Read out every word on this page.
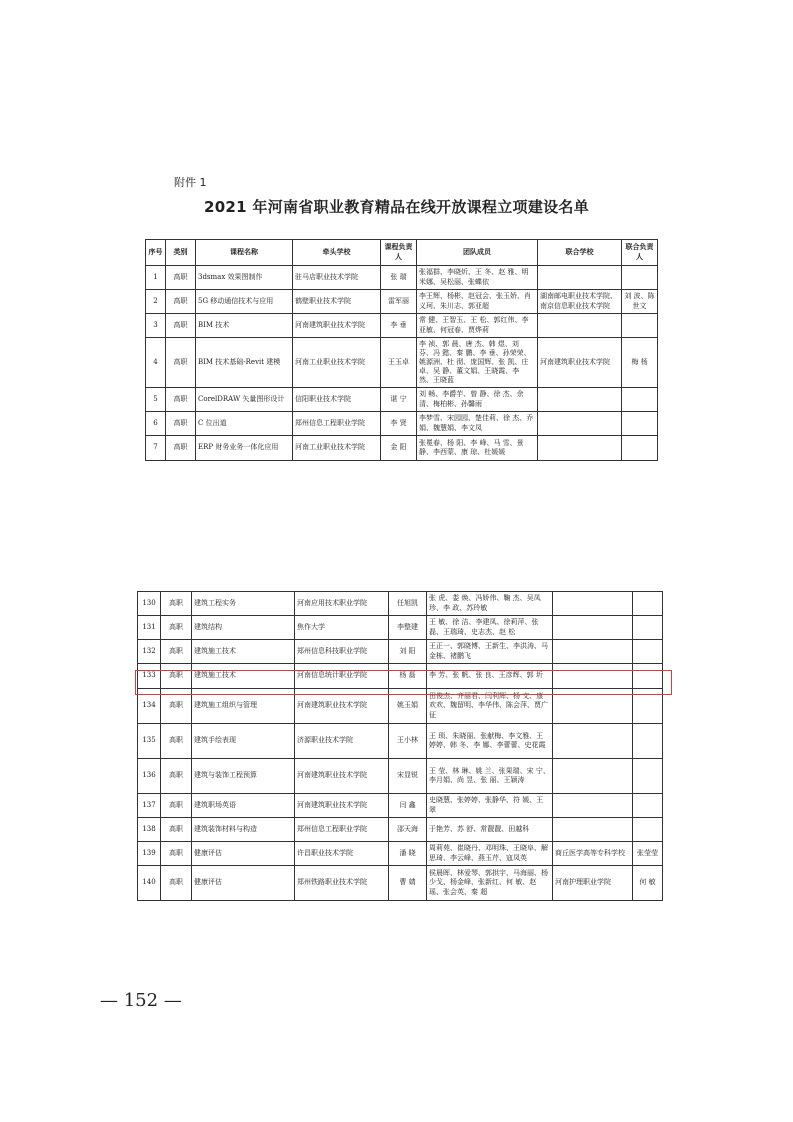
附件 1
2021 年河南省职业教育精品在线开放课程立项建设名单
序号	类别	课程名称	牵头学校	课程负责人	团队成员	联合学校	联合负责人
1	高职	3dsmax 效果图制作	驻马店职业技术学院	张 瑞	张福群、李晓炘、王 冬、赵 雅、明米娜、吴松丽、张蝶依		
2	高职	5G 移动通信技术与应用	鹤壁职业技术学院	雷军丽	李王辉、杨彬、赵冠会、张玉娇、肖义珂、朱川志、郭亚超	湖南邮电职业技术学院、南京信息职业技术学院	刘 波、陈世文
3	高职	BIM 技术	河南建筑职业技术学院	李 垂	常 健、王智玉、王 松、郭红伟、李亚敏、何冠春、贾烨莉		
4	高职	BIM 技术基础-Revit 建模	河南工业职业技术学院	王玉卓	李 祯、郭 晨、唐 杰、韩 煜、刘 芬、冯 懿、秦 鹏、李 垂、孙荣荣、姚源洲、杜 彻、庞国辉、张 凯、庄 卓、吴 静、董文娟、王晓霞、李 然、王晓蓝	河南建筑职业技术学院	梅 杨
5	高职	CorelDRAW 矢量图形设计	信阳职业技术学院	谌 宁	刘 畅、李爵芋、曾 静、徐 杰、余 清、梅柏彬、孙馨雨		
6	高职	C 位出道	郑州信息工程职业学院	李 贤	李梦雪、宋园园、楚佳莉、徐 杰、乔 娟、魏慧娟、李文凤		
7	高职	ERP 财务业务一体化应用	河南工业职业技术学院	金 阳	张冕春、杨 阳、李 峰、马 雪、景 静、李西蒙、康 琼、杜媛媛		
130	高职	建筑工程实务	河南应用技术职业学院	任旭凯	张 虎、娄 焕、冯娇伟、鞠 杰、吴凤珍、李 政、苏玲敏		
131	高职	建筑结构	焦作大学	李整建	王 敏、徐 洁、李建凤、徐莉萍、张 磊、王瑞琦、史志杰、赵 松		
132	高职	建筑施工技术	郑州信息科技职业学院	刘 阳	王正一、郭晓博、王新生、李洪涛、马金栋、褚鹏飞		
133	高职	建筑施工技术	河南信息统计职业学院	杨 磊	李 芳、张 帆、张 良、王彦辉、郭 圻		
134	高职	建筑施工组织与管理	河南建筑职业技术学院	姚玉娟	田俊杰、齐丽君、闫利辉、杨 文、康欢欢、魏留明、李华伟、陈会萍、贾广征		
135	高职	建筑手绘表现	济源职业技术学院	王小林	王 琐、朱晓丽、张献梅、李文雅、王婷婷、韩 冬、李 娜、李蕾蕾、史花霞		
136	高职	建筑与装饰工程预算	河南建筑职业技术学院	宋显锐	王 莹、林 琳、姚 兰、张果瑞、宋 宁、李月娟、尚 昱、张 丽、王颖涛		
137	高职	建筑职场英语	河南建筑职业技术学院	闫 鑫	史晓慧、张婷婷、张静华、符 媛、王 翠		
138	高职	建筑装饰材料与构造	郑州信息工程职业学院	邵天海	于艳芳、苏 舒、常靓靓、田越科		
139	高职	健康评估	许昌职业技术学院	潘 晓	周莉苑、崔晓丹、邓明珠、王晓阜、解思琦、李云峰、燕玉芹、寇凤英	商丘医学高等专科学校	张莹莹
140	高职	健康评估	郑州铁路职业技术学院	曹 婧	侯晨晖、林爱琴、郭拱宇、马海丽、杨少戈、杨金峰、张新红、何 敏、赵 瑶、张会英、秦 超	河南护理职业学院	何 敏
— 152 —
